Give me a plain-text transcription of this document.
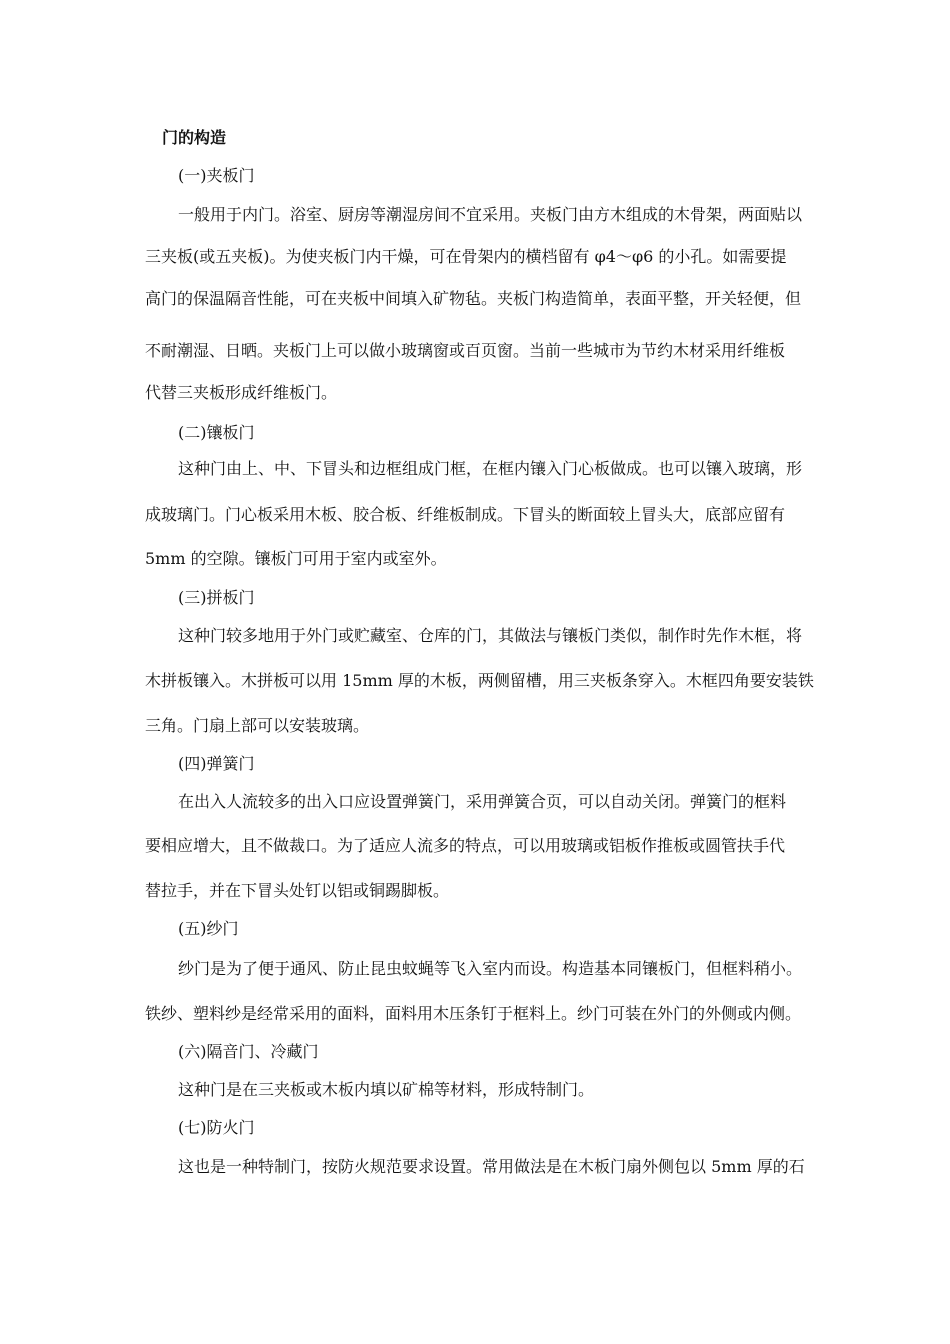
门的构造
(一)夹板门
一般用于内门。浴室、厨房等潮湿房间不宜采用。夹板门由方木组成的木骨架，两面贴以
三夹板(或五夹板)。为使夹板门内干燥，可在骨架内的横档留有 φ4～φ6 的小孔。如需要提
高门的保温隔音性能，可在夹板中间填入矿物毡。夹板门构造简单，表面平整，开关轻便，但
不耐潮湿、日晒。夹板门上可以做小玻璃窗或百页窗。当前一些城市为节约木材采用纤维板
代替三夹板形成纤维板门。
(二)镶板门
这种门由上、中、下冒头和边框组成门框，在框内镶入门心板做成。也可以镶入玻璃，形
成玻璃门。门心板采用木板、胶合板、纤维板制成。下冒头的断面较上冒头大，底部应留有
5mm 的空隙。镶板门可用于室内或室外。
(三)拼板门
这种门较多地用于外门或贮藏室、仓库的门，其做法与镶板门类似，制作时先作木框，将
木拼板镶入。木拼板可以用 15mm 厚的木板，两侧留槽，用三夹板条穿入。木框四角要安装铁
三角。门扇上部可以安装玻璃。
(四)弹簧门
在出入人流较多的出入口应设置弹簧门，采用弹簧合页，可以自动关闭。弹簧门的框料
要相应增大，且不做裁口。为了适应人流多的特点，可以用玻璃或铝板作推板或圆管扶手代
替拉手，并在下冒头处钉以铝或铜踢脚板。
(五)纱门
纱门是为了便于通风、防止昆虫蚊蝇等飞入室内而设。构造基本同镶板门，但框料稍小。
铁纱、塑料纱是经常采用的面料，面料用木压条钉于框料上。纱门可装在外门的外侧或内侧。
(六)隔音门、冷藏门
这种门是在三夹板或木板内填以矿棉等材料，形成特制门。
(七)防火门
这也是一种特制门，按防火规范要求设置。常用做法是在木板门扇外侧包以 5mm 厚的石
